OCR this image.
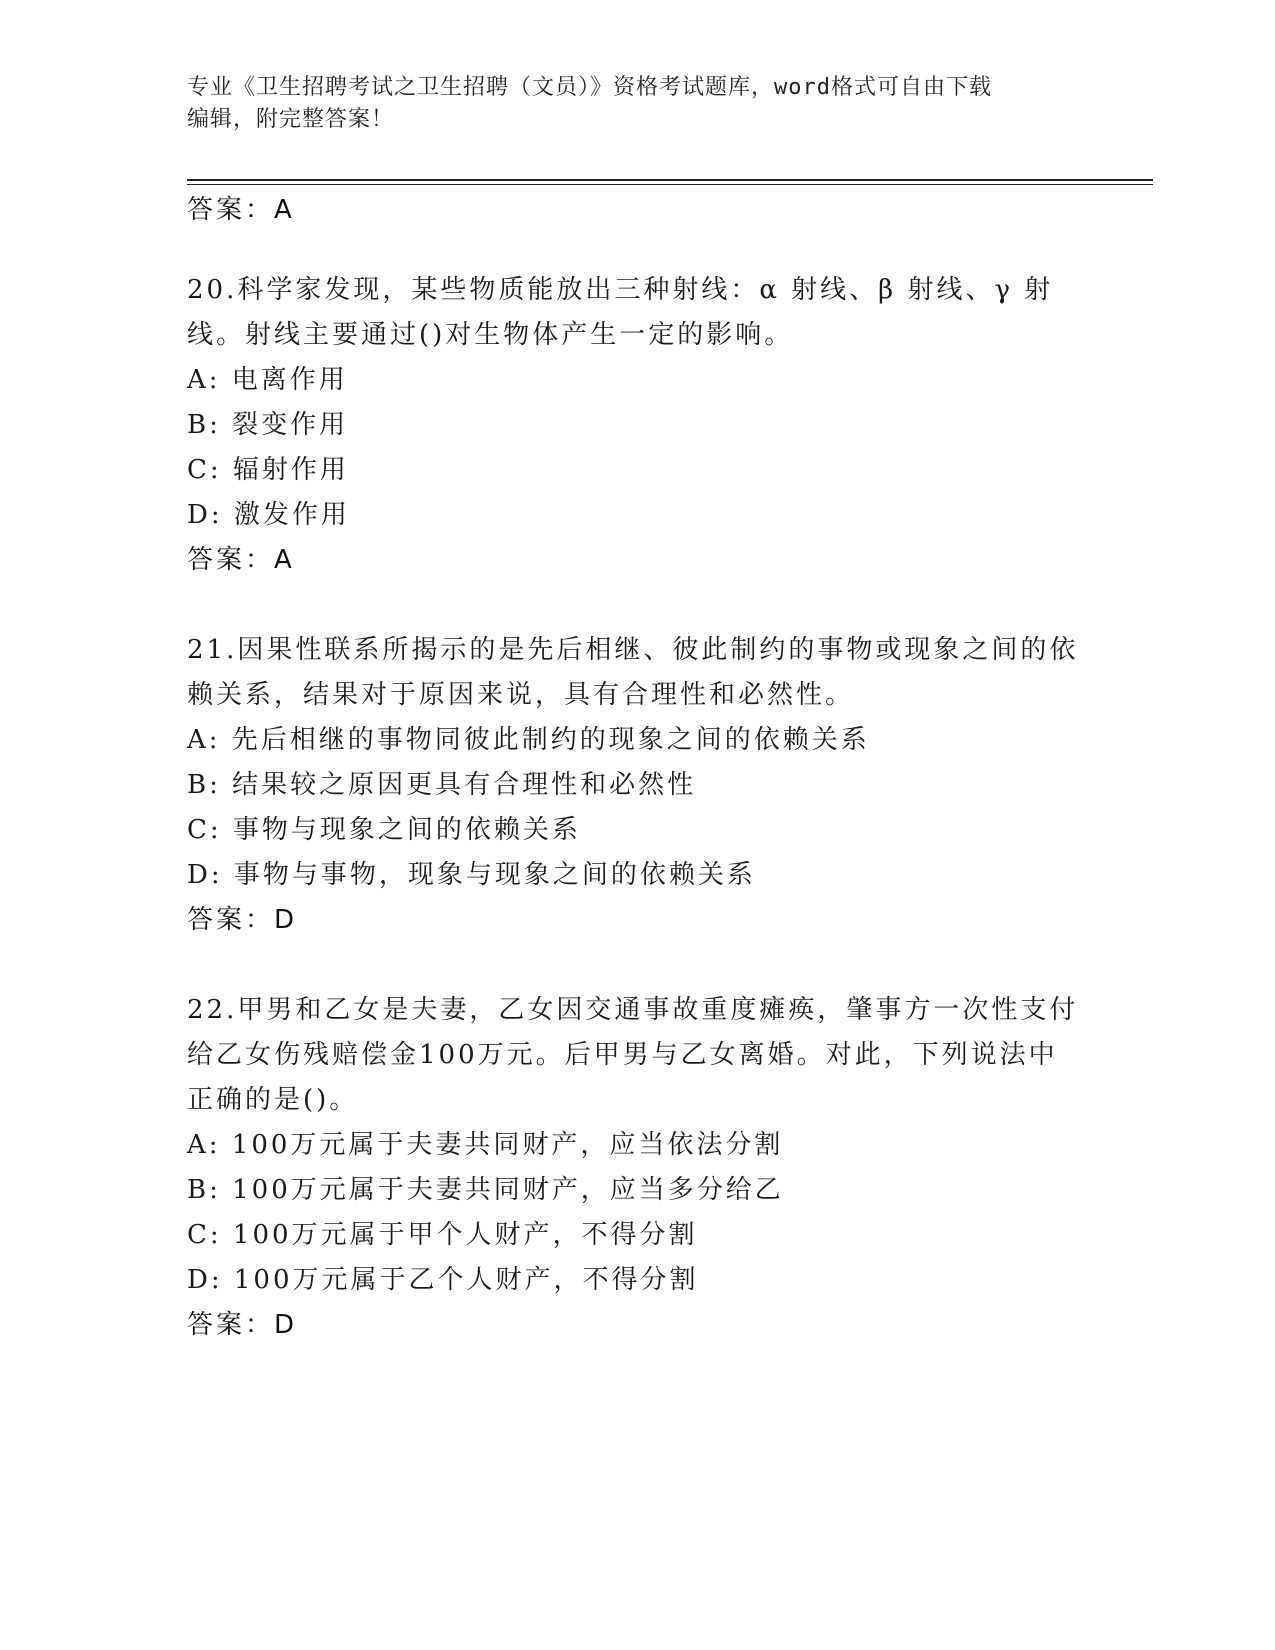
专业《卫生招聘考试之卫生招聘（文员）》资格考试题库，word格式可自由下载
编辑，附完整答案！
答案：A
20.科学家发现，某些物质能放出三种射线：α 射线、β 射线、γ 射
线。射线主要通过()对生物体产生一定的影响。
A: 电离作用
B: 裂变作用
C: 辐射作用
D: 激发作用
答案：A
21.因果性联系所揭示的是先后相继、彼此制约的事物或现象之间的依
赖关系，结果对于原因来说，具有合理性和必然性。
A: 先后相继的事物同彼此制约的现象之间的依赖关系
B: 结果较之原因更具有合理性和必然性
C: 事物与现象之间的依赖关系
D: 事物与事物，现象与现象之间的依赖关系
答案：D
22.甲男和乙女是夫妻，乙女因交通事故重度瘫痪，肇事方一次性支付
给乙女伤残赔偿金100万元。后甲男与乙女离婚。对此，下列说法中
正确的是()。
A: 100万元属于夫妻共同财产，应当依法分割
B: 100万元属于夫妻共同财产，应当多分给乙
C: 100万元属于甲个人财产，不得分割
D: 100万元属于乙个人财产，不得分割
答案：D
